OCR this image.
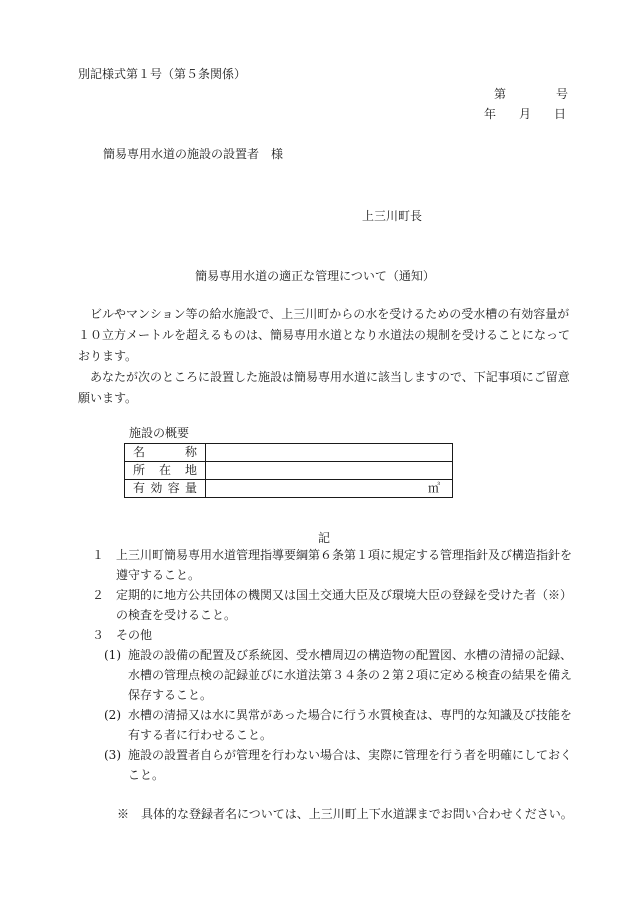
別記様式第１号（第５条関係）
第	号
年 月 日
簡易専用水道の施設の設置者　様
上三川町長
簡易専用水道の適正な管理について（通知）
ビルやマンション等の給水施設で、上三川町からの水を受けるための受水槽の有効容量が１０立方メートルを超えるものは、簡易専用水道となり水道法の規制を受けることになっております。
あなたが次のところに設置した施設は簡易専用水道に該当しますので、下記事項にご留意願います。
施設の概要
名　称	
所在地	
有効容量	㎥
記
１ 上三川町簡易専用水道管理指導要綱第６条第１項に規定する管理指針及び構造指針を遵守すること。
２ 定期的に地方公共団体の機関又は国土交通大臣及び環境大臣の登録を受けた者（※）の検査を受けること。
３ その他
(1) 施設の設備の配置及び系統図、受水槽周辺の構造物の配置図、水槽の清掃の記録、水槽の管理点検の記録並びに水道法第３４条の２第２項に定める検査の結果を備え保存すること。
(2) 水槽の清掃又は水に異常があった場合に行う水質検査は、専門的な知識及び技能を有する者に行わせること。
(3) 施設の設置者自らが管理を行わない場合は、実際に管理を行う者を明確にしておくこと。
※　具体的な登録者名については、上三川町上下水道課までお問い合わせください。
